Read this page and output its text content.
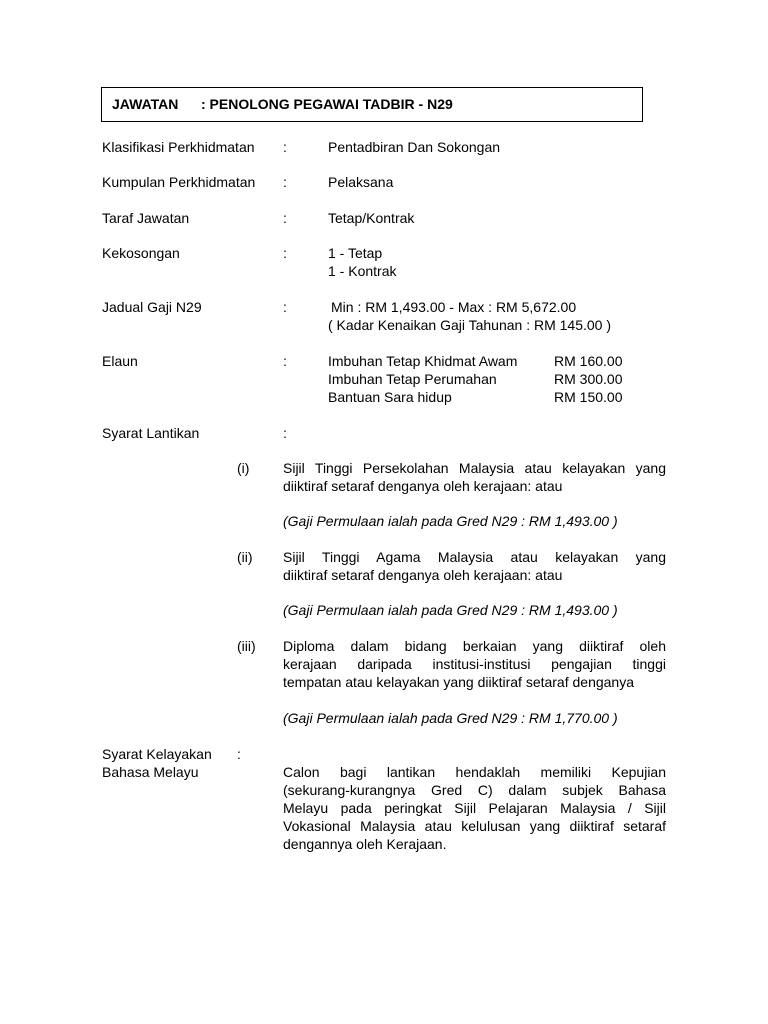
JAWATAN : PENOLONG PEGAWAI TADBIR - N29
Klasifikasi Perkhidmatan :	Pentadbiran Dan Sokongan
Kumpulan Perkhidmatan :	Pelaksana
Taraf Jawatan	:	Tetap/Kontrak
Kekosongan	:	1 - Tetap
1 - Kontrak
Jadual Gaji N29	:	Min : RM 1,493.00 - Max : RM 5,672.00
( Kadar Kenaikan Gaji Tahunan : RM 145.00 )
Elaun	:	Imbuhan Tetap Khidmat Awam	RM 160.00
Imbuhan Tetap Perumahan	RM 300.00
Bantuan Sara hidup	RM 150.00
Syarat Lantikan	:
(i) Sijil Tinggi Persekolahan Malaysia atau kelayakan yang
diiktiraf setaraf denganya oleh kerajaan: atau
(Gaji Permulaan ialah pada Gred N29 : RM 1,493.00 )
(ii) Sijil Tinggi Agama Malaysia atau kelayakan yang
diiktiraf setaraf denganya oleh kerajaan: atau
(Gaji Permulaan ialah pada Gred N29 : RM 1,493.00 )
(iii) Diploma dalam bidang berkaian yang diiktiraf oleh
kerajaan daripada institusi-institusi pengajian tinggi
tempatan atau kelayakan yang diiktiraf setaraf denganya
(Gaji Permulaan ialah pada Gred N29 : RM 1,770.00 )
Syarat Kelayakan :
Bahasa Melayu	Calon bagi lantikan hendaklah memiliki Kepujian
(sekurang-kurangnya Gred C) dalam subjek Bahasa
Melayu pada peringkat Sijil Pelajaran Malaysia / Sijil
Vokasional Malaysia atau kelulusan yang diiktiraf setaraf
dengannya oleh Kerajaan.
